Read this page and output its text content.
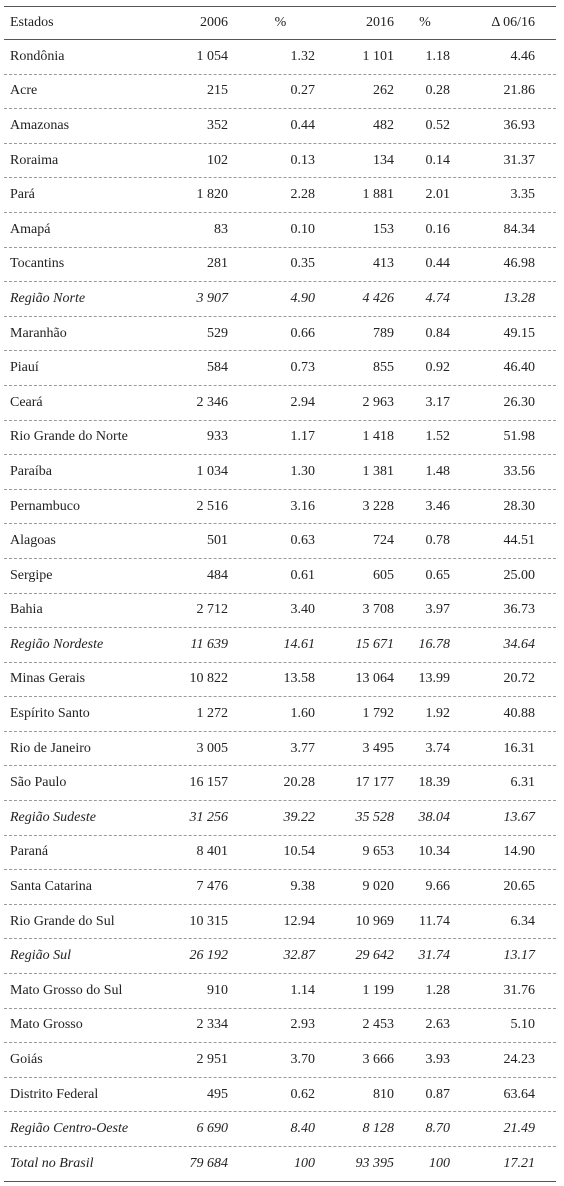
Estados	2006	%	2016	%	Δ 06/16
Rondônia	1 054	1.32	1 101	1.18	4.46
Acre	215	0.27	262	0.28	21.86
Amazonas	352	0.44	482	0.52	36.93
Roraima	102	0.13	134	0.14	31.37
Pará	1 820	2.28	1 881	2.01	3.35
Amapá	83	0.10	153	0.16	84.34
Tocantins	281	0.35	413	0.44	46.98
Região Norte	3 907	4.90	4 426	4.74	13.28
Maranhão	529	0.66	789	0.84	49.15
Piauí	584	0.73	855	0.92	46.40
Ceará	2 346	2.94	2 963	3.17	26.30
Rio Grande do Norte	933	1.17	1 418	1.52	51.98
Paraíba	1 034	1.30	1 381	1.48	33.56
Pernambuco	2 516	3.16	3 228	3.46	28.30
Alagoas	501	0.63	724	0.78	44.51
Sergipe	484	0.61	605	0.65	25.00
Bahia	2 712	3.40	3 708	3.97	36.73
Região Nordeste	11 639	14.61	15 671	16.78	34.64
Minas Gerais	10 822	13.58	13 064	13.99	20.72
Espírito Santo	1 272	1.60	1 792	1.92	40.88
Rio de Janeiro	3 005	3.77	3 495	3.74	16.31
São Paulo	16 157	20.28	17 177	18.39	6.31
Região Sudeste	31 256	39.22	35 528	38.04	13.67
Paraná	8 401	10.54	9 653	10.34	14.90
Santa Catarina	7 476	9.38	9 020	9.66	20.65
Rio Grande do Sul	10 315	12.94	10 969	11.74	6.34
Região Sul	26 192	32.87	29 642	31.74	13.17
Mato Grosso do Sul	910	1.14	1 199	1.28	31.76
Mato Grosso	2 334	2.93	2 453	2.63	5.10
Goiás	2 951	3.70	3 666	3.93	24.23
Distrito Federal	495	0.62	810	0.87	63.64
Região Centro-Oeste	6 690	8.40	8 128	8.70	21.49
Total no Brasil	79 684	100	93 395	100	17.21
